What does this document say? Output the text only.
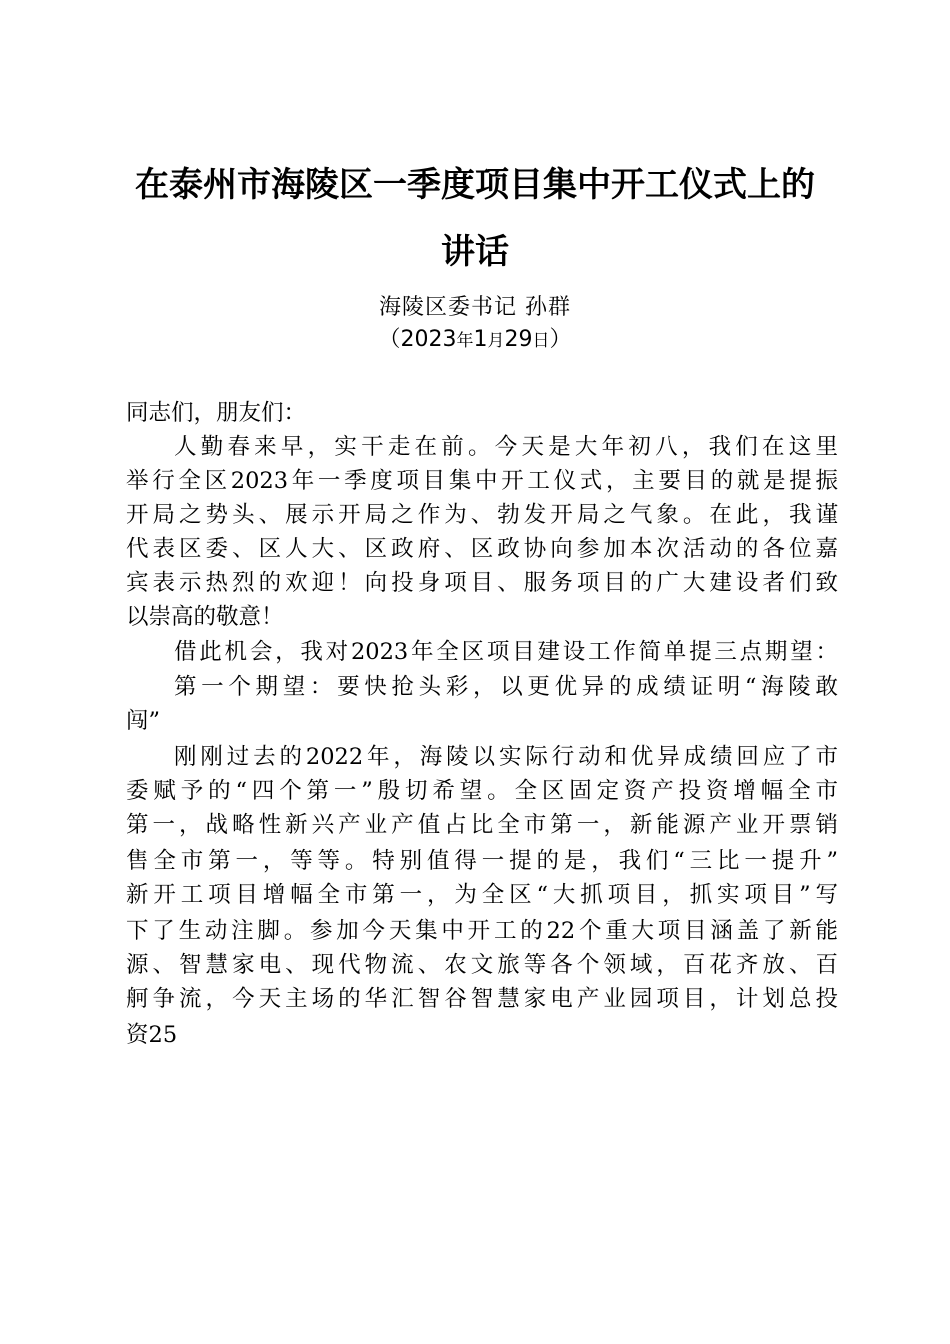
在泰州市海陵区一季度项目集中开工仪式上的
讲话
海陵区委书记 孙群
（2023年1月29日）
同志们，朋友们：
人勤春来早，实干走在前。今天是大年初八，我们在这里
举行全区2023年一季度项目集中开工仪式，主要目的就是提振
开局之势头、展示开局之作为、勃发开局之气象。在此，我谨
代表区委、区人大、区政府、区政协向参加本次活动的各位嘉
宾表示热烈的欢迎！向投身项目、服务项目的广大建设者们致
以崇高的敬意！
借此机会，我对2023年全区项目建设工作简单提三点期望：
第一个期望：要快抢头彩，以更优异的成绩证明“海陵敢
闯”
刚刚过去的2022年，海陵以实际行动和优异成绩回应了市
委赋予的“四个第一”殷切希望。全区固定资产投资增幅全市
第一，战略性新兴产业产值占比全市第一，新能源产业开票销
售全市第一，等等。特别值得一提的是，我们“三比一提升”
新开工项目增幅全市第一，为全区“大抓项目，抓实项目”写
下了生动注脚。参加今天集中开工的22个重大项目涵盖了新能
源、智慧家电、现代物流、农文旅等各个领域，百花齐放、百
舸争流，今天主场的华汇智谷智慧家电产业园项目，计划总投
资25
